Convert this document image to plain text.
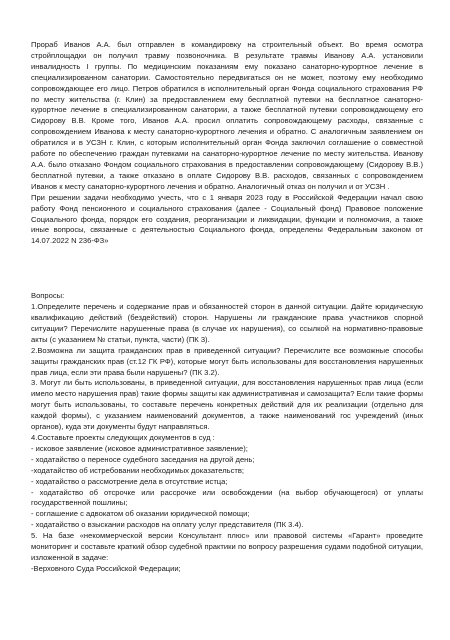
Прораб Иванов А.А. был отправлен в командировку на строительный объект. Во время осмотра стройплощадки он получил травму позвоночника. В результате травмы Иванову А.А. установили инвалидность I группы. По медицинским показаниям ему показано санаторно-курортное лечение в специализированном санатории. Самостоятельно передвигаться он не может, поэтому ему необходимо сопровождающее его лицо. Петров обратился в исполнительный орган Фонда социального страхования РФ по месту жительства (г. Клин) за предоставлением ему бесплатной путевки на бесплатное санаторно-курортное лечение в специализированном санатории, а также бесплатной путевки сопровождающему его Сидорову В.В. Кроме того, Иванов А.А. просил оплатить сопровождающему расходы, связанные с сопровождением Иванова к месту санаторно-курортного лечения и обратно. С аналогичным заявлением он обратился и в УСЗН г. Клин, с которым исполнительный орган Фонда заключил соглашение о совместной работе по обеспечению граждан путевками на санаторно-курортное лечение по месту жительства. Иванову А.А. было отказано Фондом социального страхования в предоставлении сопровождающему (Сидорову В.В.) бесплатной путевки, а также отказано в оплате Сидорову В.В. расходов, связанных с сопровождением Иванов к месту санаторно-курортного лечения и обратно. Аналогичный отказ он получил и от УСЗН .

При решении задачи необходимо учесть, что с 1 января 2023 году в Российской Федерации начал свою работу Фонд пенсионного и социального страхования (далее - Социальный фонд) Правовое положение Социального фонда, порядок его создания, реорганизации и ликвидации, функции и полномочия, а также иные вопросы, связанные с деятельностью Социального фонда, определены Федеральным законом от 14.07.2022 N 236-ФЗ»

Вопросы:

1.Определите перечень и содержание прав и обязанностей сторон в данной ситуации. Дайте юридическую квалификацию действий (бездействий) сторон. Нарушены ли гражданские права участников спорной ситуации? Перечислите нарушенные права (в случае их нарушения), со ссылкой на нормативно-правовые акты (с указанием № статьи, пункта, части) (ПК 3).
2.Возможна ли защита гражданских прав в приведенной ситуации? Перечислите все возможные способы защиты гражданских прав (ст.12 ГК РФ), которые могут быть использованы для восстановления нарушенных прав лица, если эти права были нарушены? (ПК 3.2).
3. Могут ли быть использованы, в приведенной ситуации, для восстановления нарушенных прав лица (если имело место нарушения прав) такие формы защиты как административная и самозащита? Если такие формы могут быть использованы, то составьте перечень конкретных действий для их реализации (отдельно для каждой формы), с указанием наименований документов, а также наименований гос учреждений (иных органов), куда эти документы будут направляться.
4.Составьте проекты следующих документов в суд :
- исковое заявление (исковое административное заявление);
- ходатайство о переносе судебного заседания на другой день;
-ходатайство об истребовании необходимых доказательств;
- ходатайство о рассмотрение дела в отсутствие истца;
- ходатайство об отсрочке или рассрочке или освобождении (на выбор обучающегося) от уплаты государственной пошлины;
- соглашение с адвокатом об оказании юридической помощи;
- ходатайство о взыскании расходов на оплату услуг представителя (ПК 3.4).
5. На базе «некоммерческой версии Консультант плюс» или правовой системы «Гарант» проведите мониторинг и составьте краткий обзор судебной практики по вопросу разрешения судами подобной ситуации, изложенной в задаче:
-Верховного Суда Российской Федерации;
